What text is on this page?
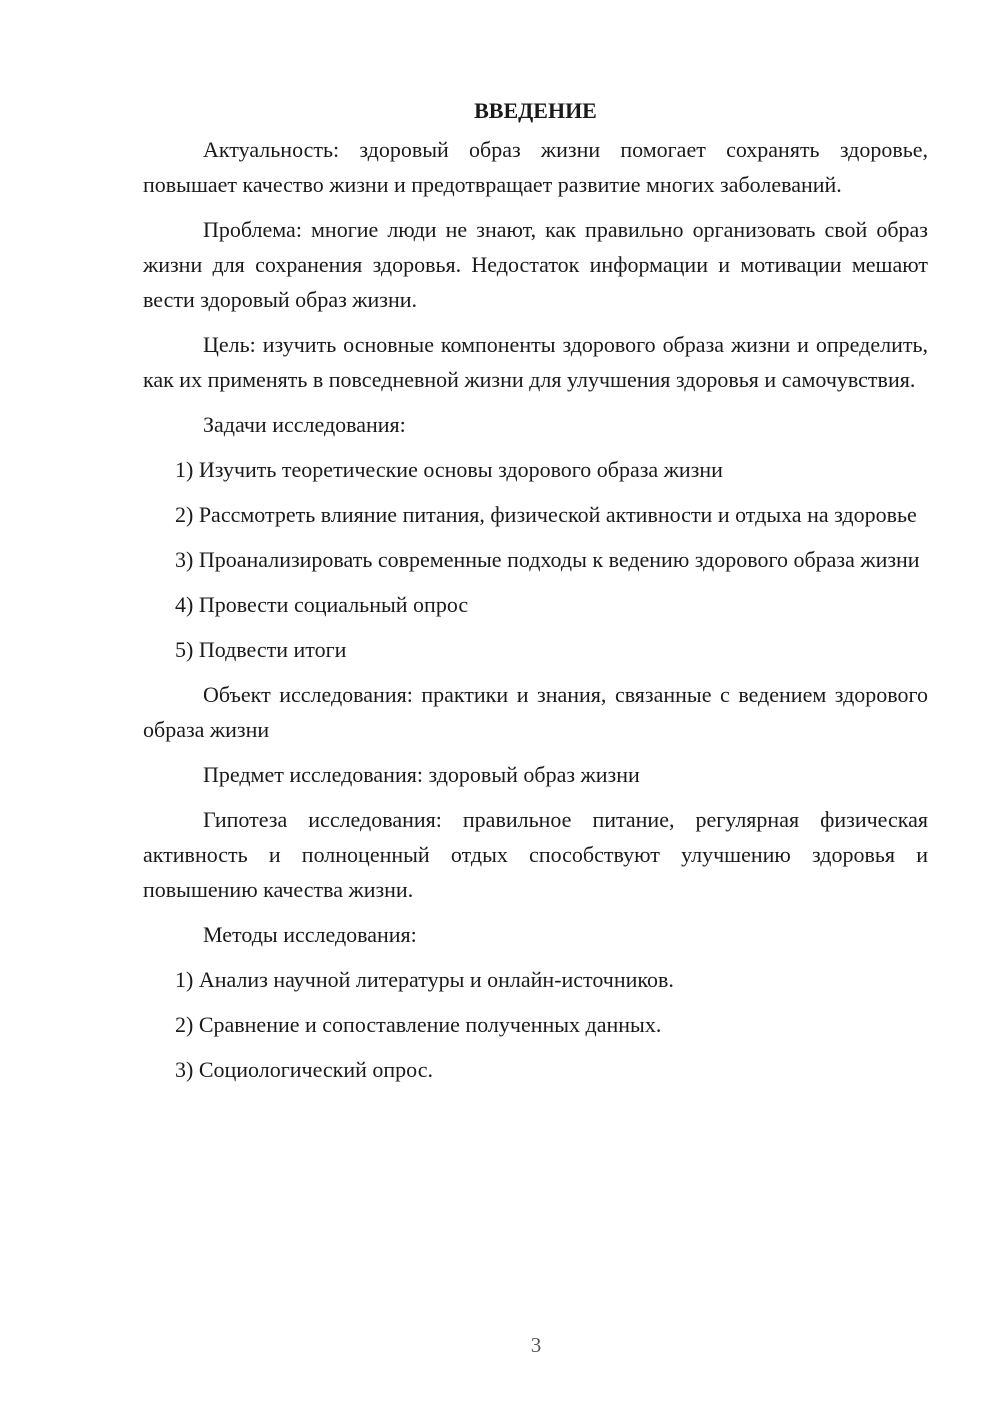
ВВЕДЕНИЕ

Актуальность: здоровый образ жизни помогает сохранять здоровье, повышает качество жизни и предотвращает развитие многих заболеваний.

Проблема: многие люди не знают, как правильно организовать свой образ жизни для сохранения здоровья. Недостаток информации и мотивации мешают вести здоровый образ жизни.

Цель: изучить основные компоненты здорового образа жизни и определить, как их применять в повседневной жизни для улучшения здоровья и самочувствия.

Задачи исследования:

1) Изучить теоретические основы здорового образа жизни

2) Рассмотреть влияние питания, физической активности и отдыха на здоровье

3) Проанализировать современные подходы к ведению здорового образа жизни

4) Провести социальный опрос

5) Подвести итоги

Объект исследования: практики и знания, связанные с ведением здорового образа жизни

Предмет исследования: здоровый образ жизни

Гипотеза исследования: правильное питание, регулярная физическая активность и полноценный отдых способствуют улучшению здоровья и повышению качества жизни.

Методы исследования:

1) Анализ научной литературы и онлайн-источников.

2) Сравнение и сопоставление полученных данных.

3) Социологический опрос.

3
